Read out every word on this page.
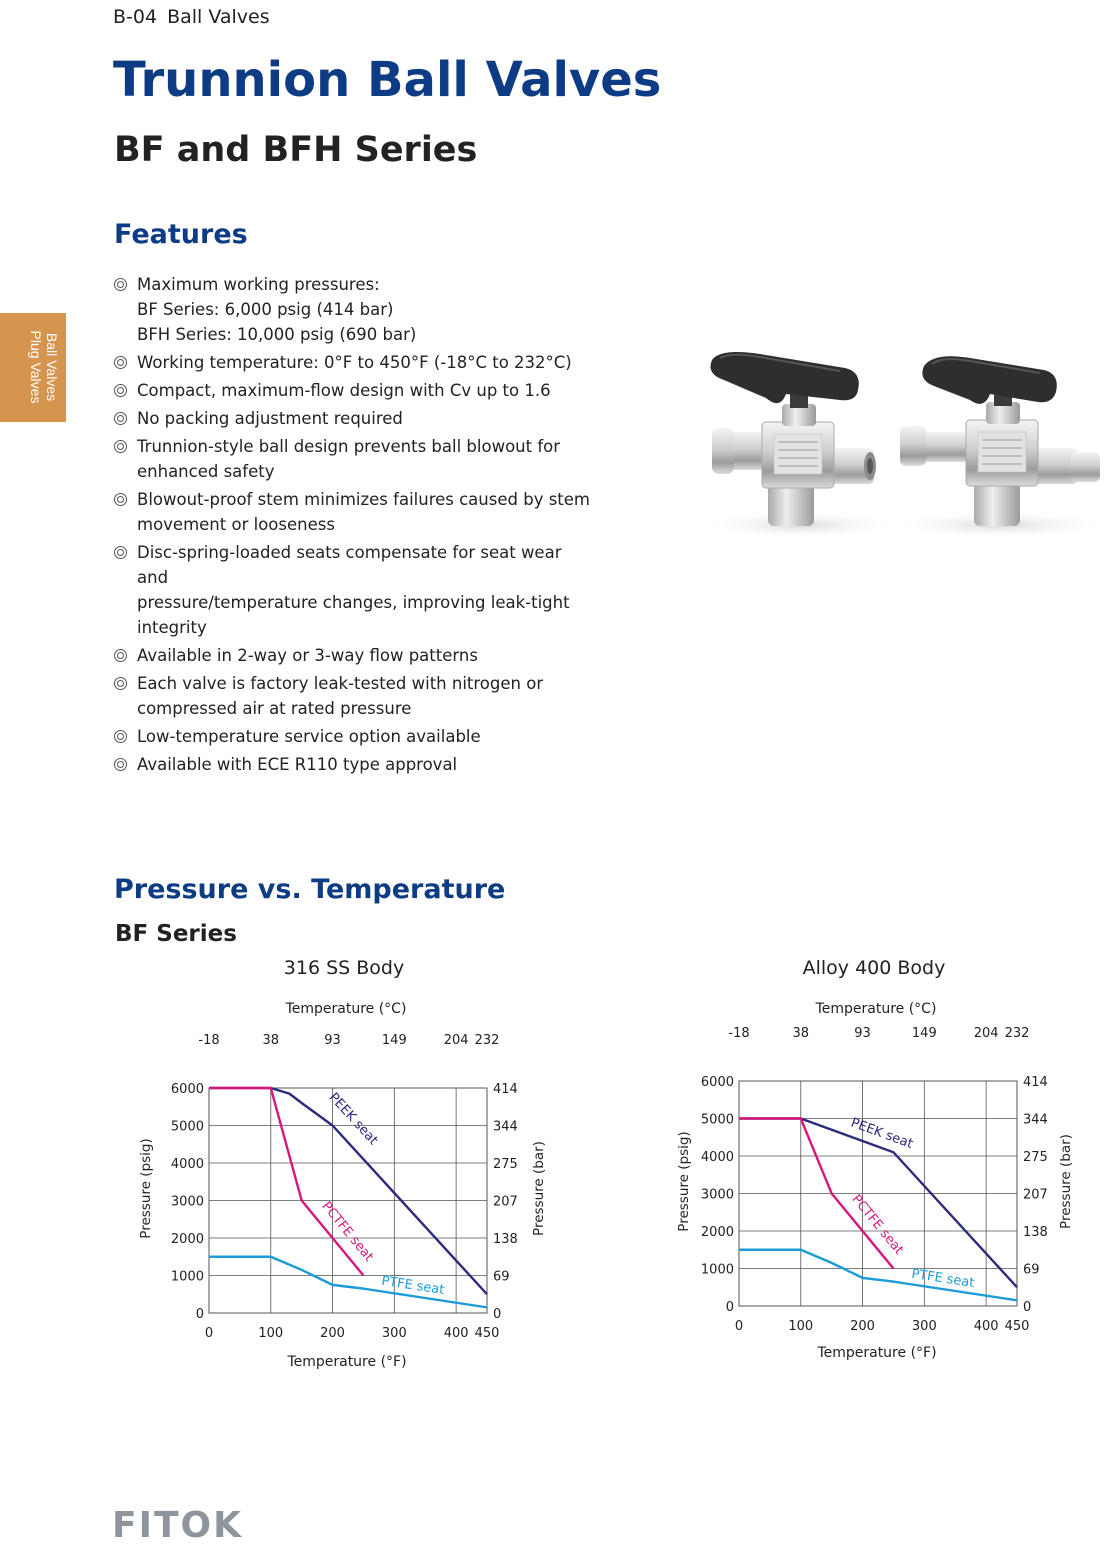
B-04 Ball Valves
Trunnion Ball Valves
BF and BFH Series
Ball Valves
Plug Valves
Features
Maximum working pressures:
BF Series: 6,000 psig (414 bar)
BFH Series: 10,000 psig (690 bar)
Working temperature: 0°F to 450°F (-18°C to 232°C)
Compact, maximum-flow design with Cv up to 1.6
No packing adjustment required
Trunnion-style ball design prevents ball blowout for
enhanced safety
Blowout-proof stem minimizes failures caused by stem
movement or looseness
Disc-spring-loaded seats compensate for seat wear and
pressure/temperature changes, improving leak-tight
integrity
Available in 2-way or 3-way flow patterns
Each valve is factory leak-tested with nitrogen or
compressed air at rated pressure
Low-temperature service option available
Available with ECE R110 type approval
Pressure vs. Temperature
BF Series
316 SS Body
Temperature (°C)
Temperature (°F)
Pressure (psig)	Pressure (bar)
0	100	200	300	400 450
-18	38	93	149	204 232
0
1000
2000
3000
4000
5000
6000
0
69
138
207
275
344
414
PEEK seat
PCTFE seat
PTFE seat
Alloy 400 Body
Temperature (°C)
Temperature (°F)
Pressure (psig)	Pressure (bar)
0	100	200	300	400 450
-18	38	93	149	204 232
0
1000
2000
3000
4000
5000
6000
0
69
138
207
275
344
414
PEEK seat
PCTFE seat
PTFE seat
FITOK
